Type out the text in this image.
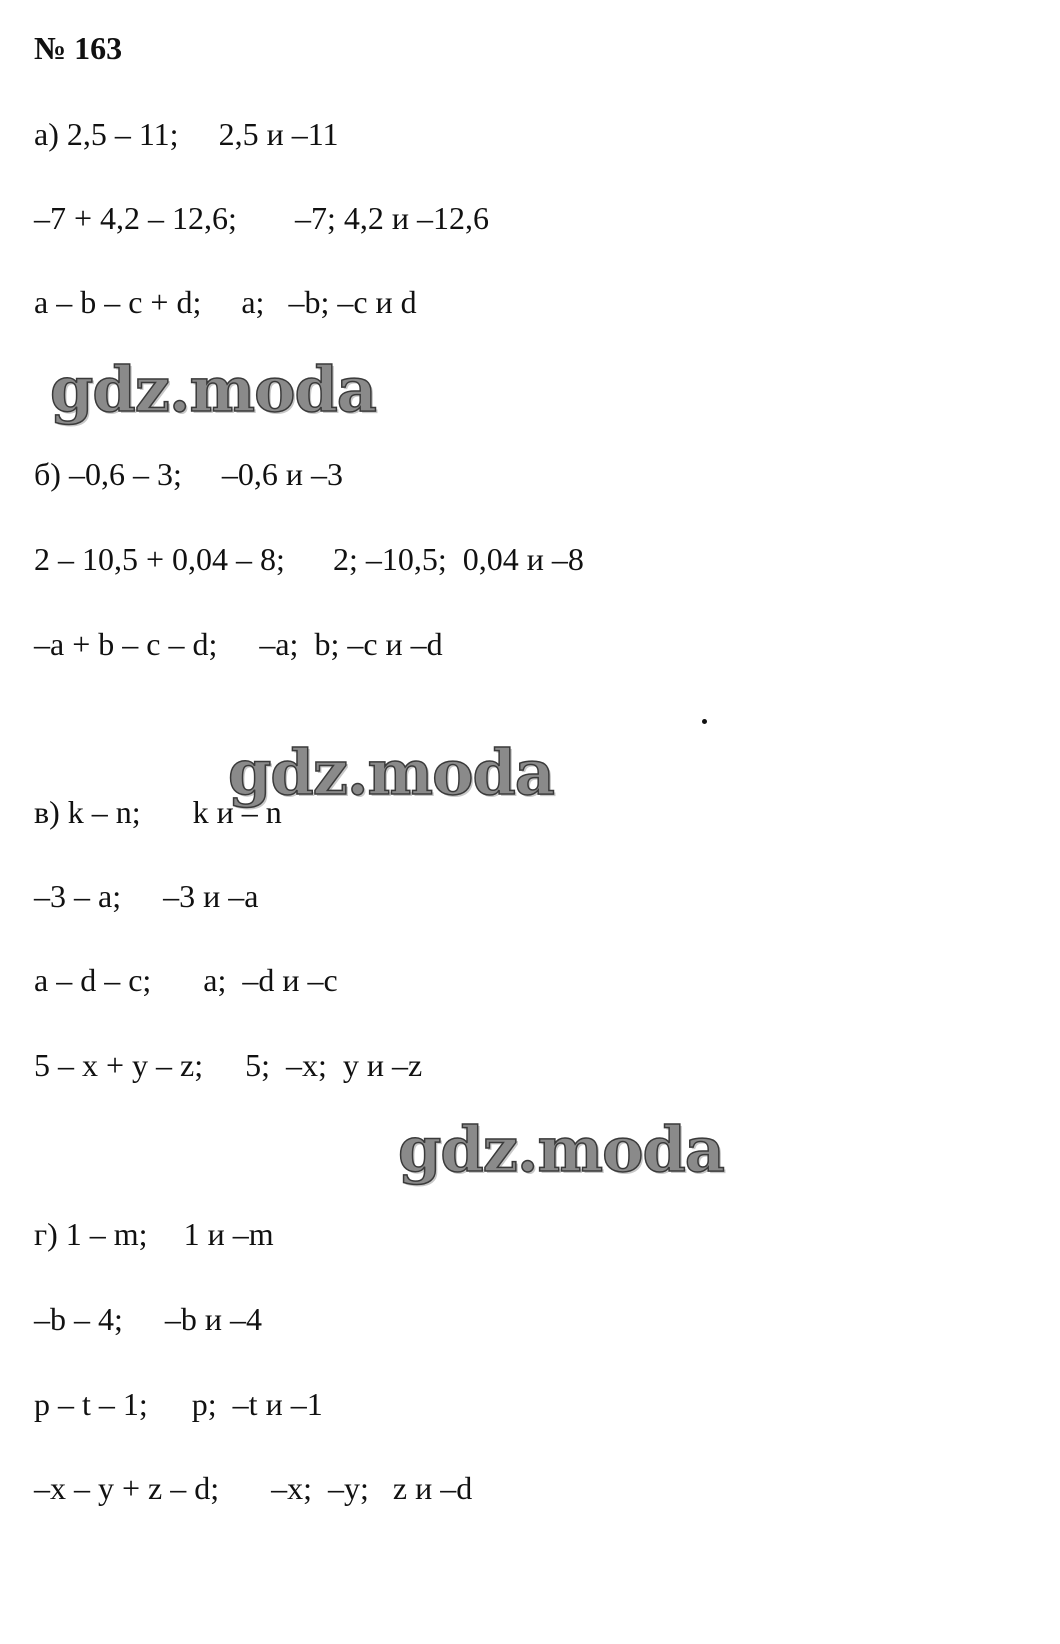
№ 163
а) 2,5 – 11; 2,5 и –11
–7 + 4,2 – 12,6; –7; 4,2 и –12,6
a – b – c + d; a;   –b; –c и d
gdz.moda
б) –0,6 – 3; –0,6 и –3
2 – 10,5 + 0,04 – 8; 2; –10,5;  0,04 и –8
–a + b – c – d; –a;  b; –c и –d
gdz.moda
в) k – n; k и – n
–3 – a; –3 и –a
a – d – c; a;  –d и –c
5 – x + y – z; 5;  –x;  y и –z
gdz.moda
г) 1 – m; 1 и –m
–b – 4; –b и –4
p – t – 1; p;  –t и –1
–x – y + z – d; –x;  –y;   z и –d
